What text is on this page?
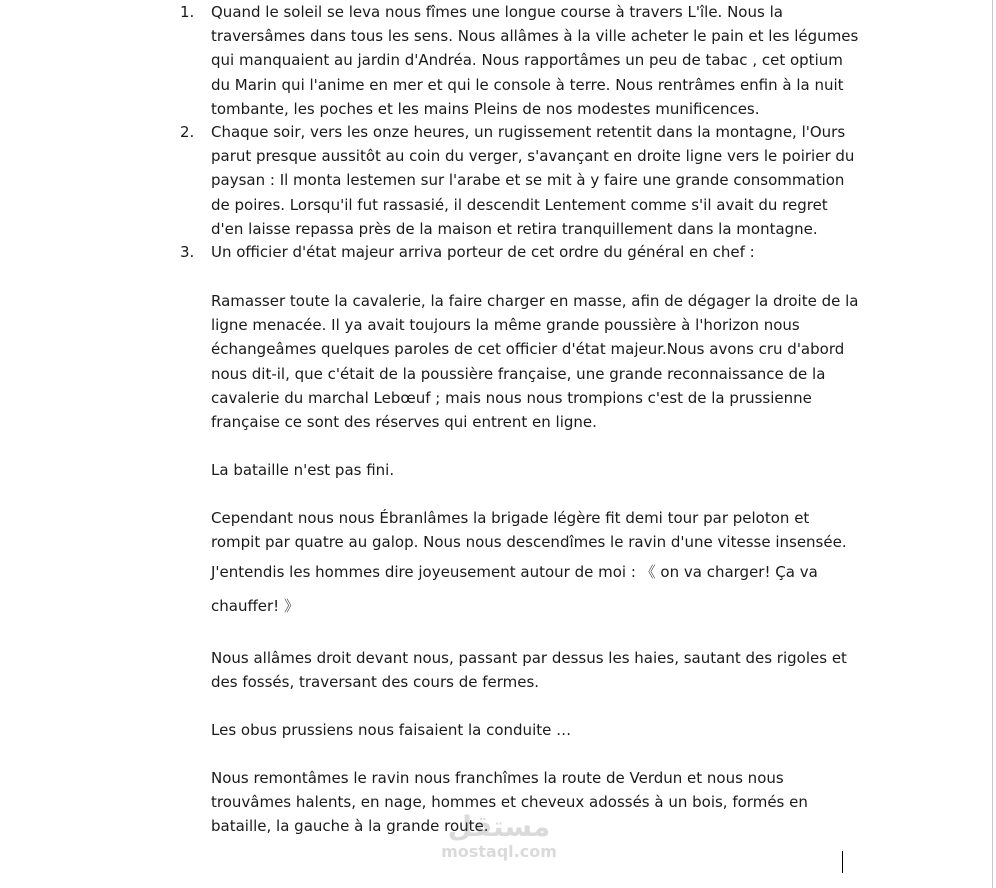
1. Quand le soleil se leva nous fîmes une longue course à travers L'île. Nous la
traversâmes dans tous les sens. Nous allâmes à la ville acheter le pain et les légumes
qui manquaient au jardin d'Andréa. Nous rapportâmes un peu de tabac , cet optium
du Marin qui l'anime en mer et qui le console à terre. Nous rentrâmes enfin à la nuit
tombante, les poches et les mains Pleins de nos modestes munificences.
2. Chaque soir, vers les onze heures, un rugissement retentit dans la montagne, l'Ours
parut presque aussitôt au coin du verger, s'avançant en droite ligne vers le poirier du
paysan : Il monta lestemen sur l'arabe et se mit à y faire une grande consommation
de poires. Lorsqu'il fut rassasié, il descendit Lentement comme s'il avait du regret
d'en laisse repassa près de la maison et retira tranquillement dans la montagne.
3. Un officier d'état majeur arriva porteur de cet ordre du général en chef :
Ramasser toute la cavalerie, la faire charger en masse, afin de dégager la droite de la
ligne menacée. Il ya avait toujours la même grande poussière à l'horizon nous
échangeâmes quelques paroles de cet officier d'état majeur.Nous avons cru d'abord
nous dit-il, que c'était de la poussière française, une grande reconnaissance de la
cavalerie du marchal Lebœuf ; mais nous nous trompions c'est de la prussienne
française ce sont des réserves qui entrent en ligne.
La bataille n'est pas fini.
Cependant nous nous Ébranlâmes la brigade légère fit demi tour par peloton et
rompit par quatre au galop. Nous nous descendîmes le ravin d'une vitesse insensée.
J'entendis les hommes dire joyeusement autour de moi : 《 on va charger! Ça va
chauffer! 》
Nous allâmes droit devant nous, passant par dessus les haies, sautant des rigoles et
des fossés, traversant des cours de fermes.
Les obus prussiens nous faisaient la conduite …
Nous remontâmes le ravin nous franchîmes la route de Verdun et nous nous
trouvâmes halents, en nage, hommes et cheveux adossés à un bois, formés en
bataille, la gauche à la grande route.
مستقل
mostaql.com
